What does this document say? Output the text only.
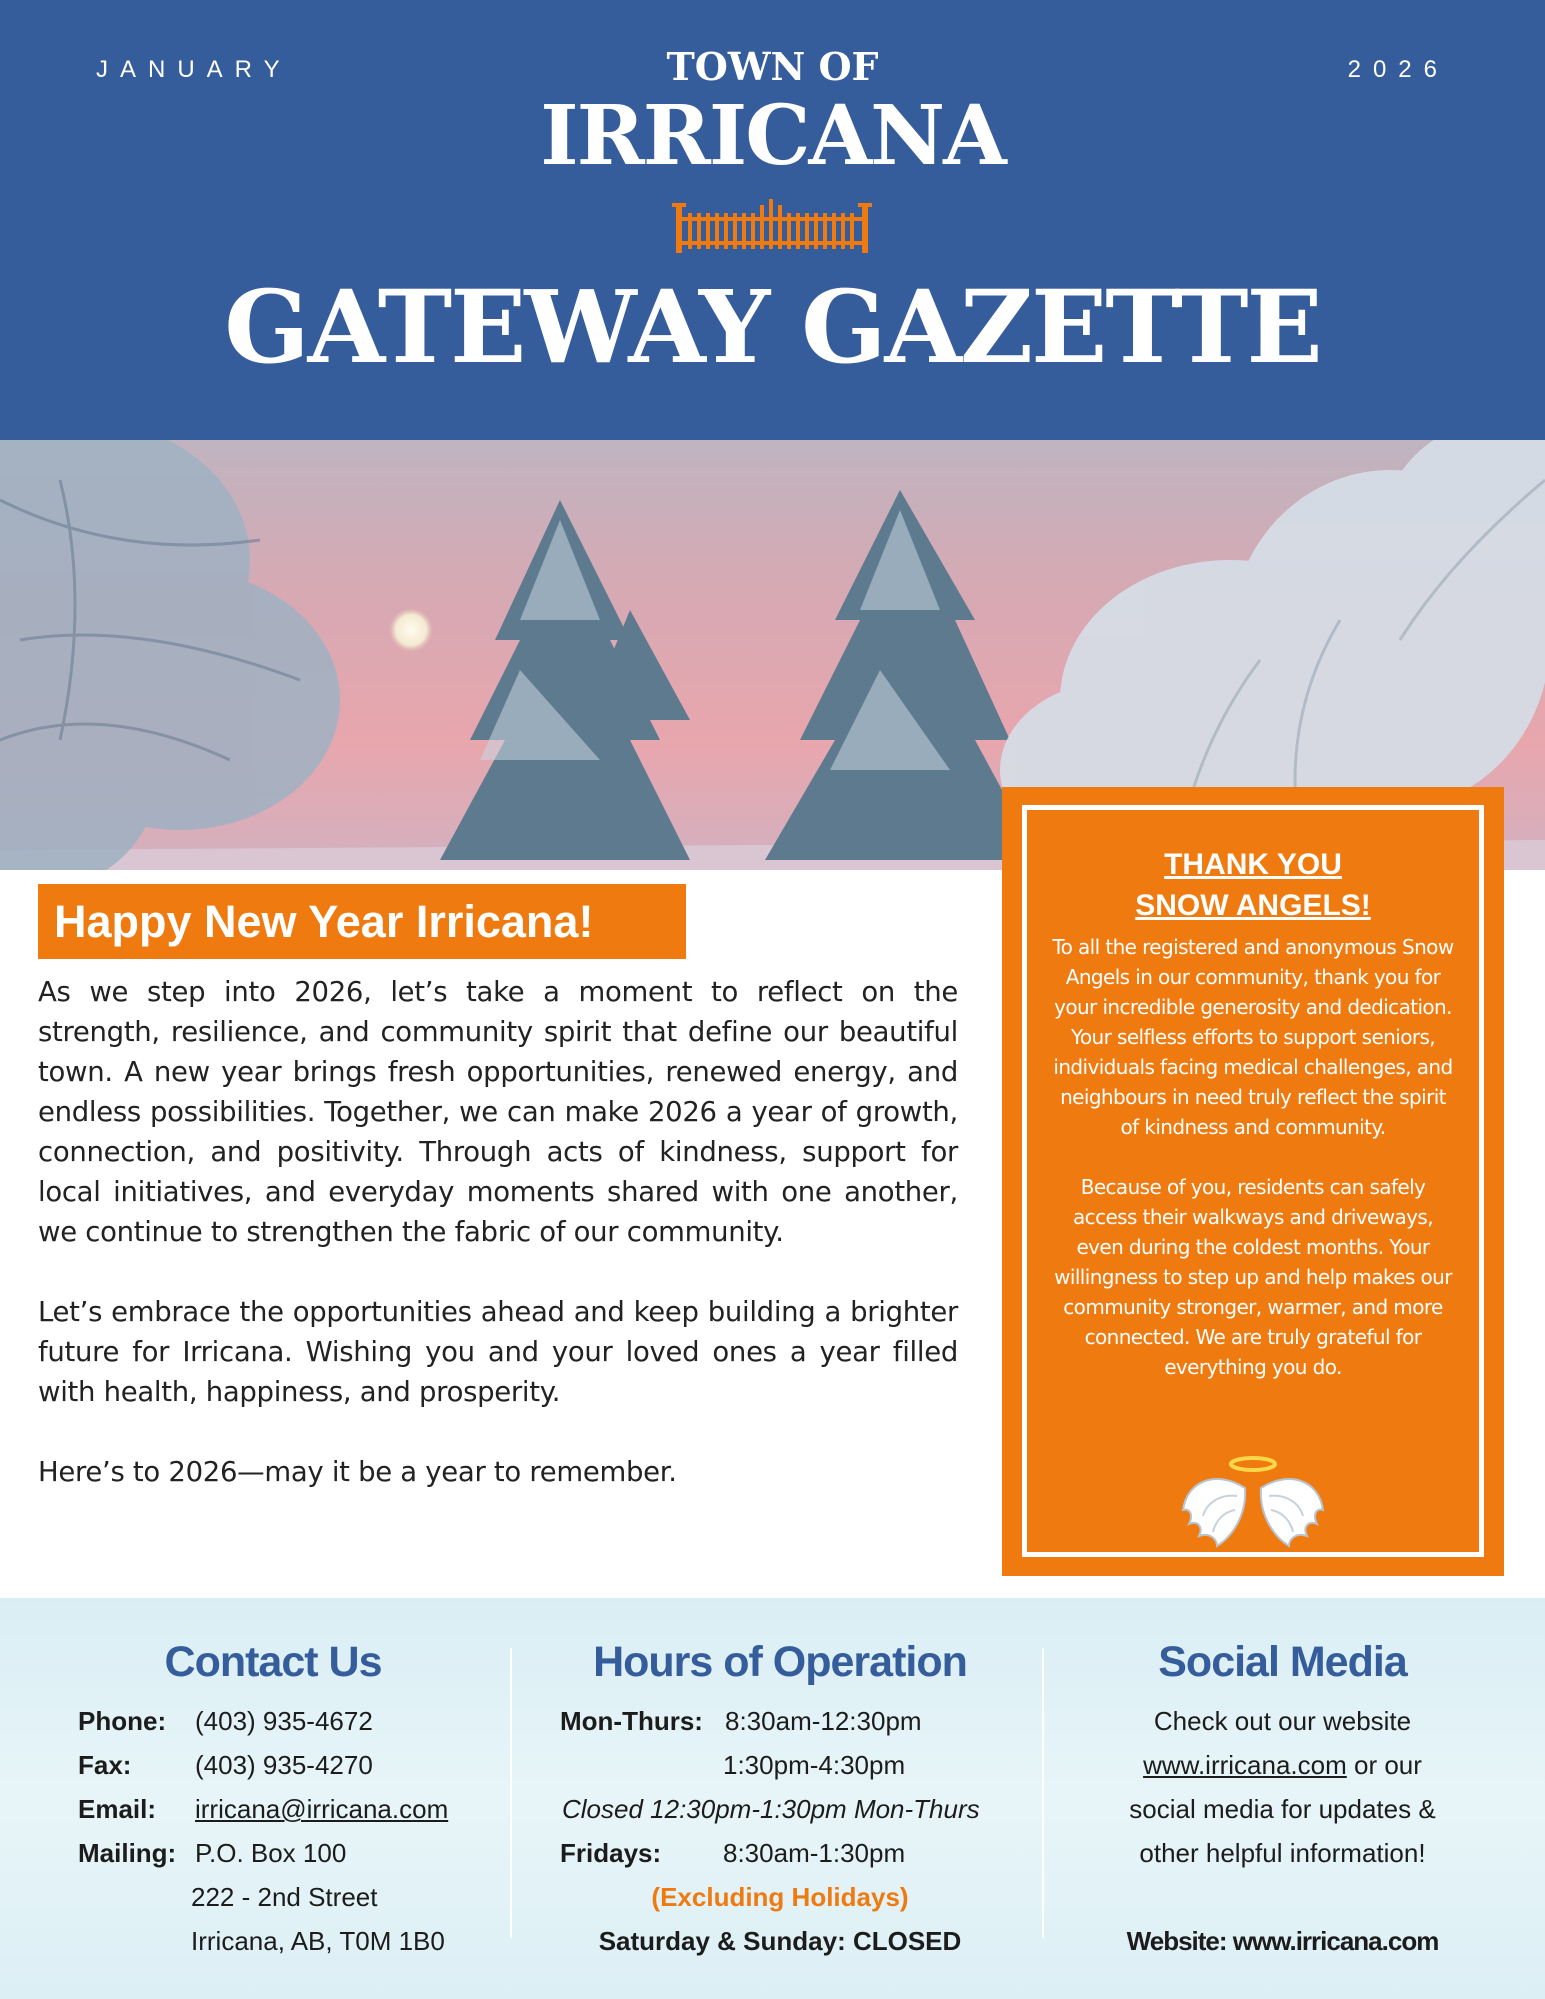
JANUARY	2026
TOWN OF
IRRICANA
GATEWAY GAZETTE
Happy New Year Irricana!

As we step into 2026, let’s take a moment to reflect on the strength, resilience, and community spirit that define our beautiful town. A new year brings fresh opportunities, renewed energy, and endless possibilities. Together, we can make 2026 a year of growth, connection, and positivity. Through acts of kindness, support for local initiatives, and everyday moments shared with one another, we continue to strengthen the fabric of our community.

Let’s embrace the opportunities ahead and keep building a brighter future for Irricana. Wishing you and your loved ones a year filled with health, happiness, and prosperity.

Here’s to 2026—may it be a year to remember.

THANK YOU
SNOW ANGELS!

To all the registered and anonymous Snow Angels in our community, thank you for your incredible generosity and dedication. Your selfless efforts to support seniors, individuals facing medical challenges, and neighbours in need truly reflect the spirit of kindness and community.

Because of you, residents can safely access their walkways and driveways, even during the coldest months. Your willingness to step up and help makes our community stronger, warmer, and more connected. We are truly grateful for everything you do.

Contact Us
Phone: (403) 935-4672
Fax: (403) 935-4270
Email: irricana@irricana.com
Mailing: P.O. Box 100
222 - 2nd Street
Irricana, AB, T0M 1B0
Hours of Operation
Mon-Thurs: 8:30am-12:30pm
1:30pm-4:30pm
Closed 12:30pm-1:30pm Mon-Thurs
Fridays: 8:30am-1:30pm
(Excluding Holidays)
Saturday & Sunday: CLOSED
Social Media
Check out our website
www.irricana.com or our
social media for updates &
other helpful information!
Website: www.irricana.com
